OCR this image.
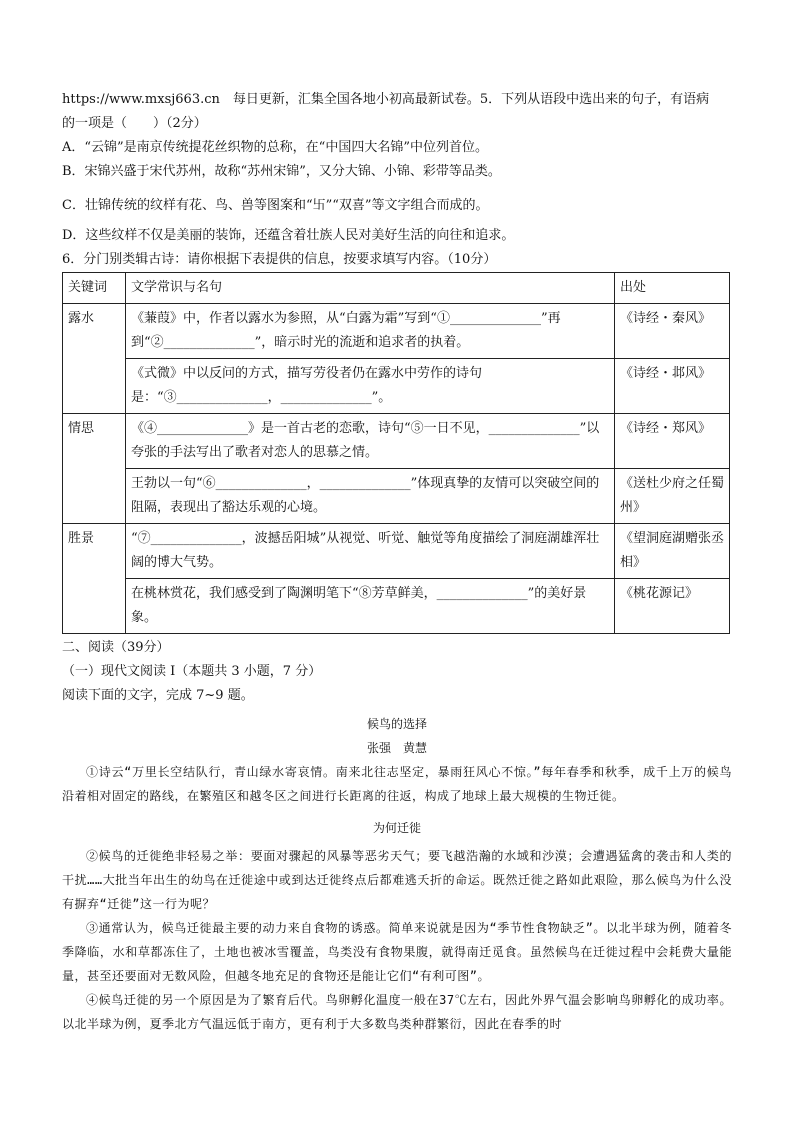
https://www.mxsj663.cn　每日更新，汇集全国各地小初高最新试卷。5．下列从语段中选出来的句子，有语病

的一项是（　　）（2分）

A．“云锦”是南京传统提花丝织物的总称，在“中国四大名锦”中位列首位。

B．宋锦兴盛于宋代苏州，故称“苏州宋锦”，又分大锦、小锦、彩带等品类。

C．壮锦传统的纹样有花、鸟、兽等图案和“卐”“双喜”等文字组合而成的。

D．这些纹样不仅是美丽的装饰，还蕴含着壮族人民对美好生活的向往和追求。

6．分门别类辑古诗：请你根据下表提供的信息，按要求填写内容。（10分）

关键词	文学常识与名句	出处
露水	《蒹葭》中，作者以露水为参照，从“白露为霜”写到“①______________”再到“②______________”，暗示时光的流逝和追求者的执着。	《诗经・秦风》
	《式微》中以反问的方式，描写劳役者仍在露水中劳作的诗句是：“③______________，______________”。	《诗经・邶风》
情思	《④______________》是一首古老的恋歌，诗句“⑤一日不见，______________”以夸张的手法写出了歌者对恋人的思慕之情。	《诗经・郑风》
	王勃以一句“⑥______________，______________”体现真挚的友情可以突破空间的阻隔，表现出了豁达乐观的心境。	《送杜少府之任蜀州》
胜景	“⑦______________，波撼岳阳城”从视觉、听觉、触觉等角度描绘了洞庭湖雄浑壮阔的博大气势。	《望洞庭湖赠张丞相》
	在桃林赏花，我们感受到了陶渊明笔下“⑧芳草鲜美，______________”的美好景象。	《桃花源记》

二、阅读（39分）

（一）现代文阅读 I（本题共 3 小题，7 分）

阅读下面的文字，完成 7~9 题。

候鸟的选择

张强　黄慧

①诗云“万里长空结队行，青山绿水寄哀情。南来北往志坚定，暴雨狂风心不惊。”每年春季和秋季，成千上万的候鸟沿着相对固定的路线，在繁殖区和越冬区之间进行长距离的往返，构成了地球上最大规模的生物迁徙。

为何迁徙

②候鸟的迁徙绝非轻易之举：要面对骤起的风暴等恶劣天气；要飞越浩瀚的水域和沙漠；会遭遇猛禽的袭击和人类的干扰……大批当年出生的幼鸟在迁徙途中或到达迁徙终点后都难逃夭折的命运。既然迁徙之路如此艰险，那么候鸟为什么没有摒弃“迁徙”这一行为呢？

③通常认为，候鸟迁徙最主要的动力来自食物的诱惑。简单来说就是因为“季节性食物缺乏”。以北半球为例，随着冬季降临，水和草都冻住了，土地也被冰雪覆盖，鸟类没有食物果腹，就得南迁觅食。虽然候鸟在迁徙过程中会耗费大量能量，甚至还要面对无数风险，但越冬地充足的食物还是能让它们“有利可图”。

④候鸟迁徙的另一个原因是为了繁育后代。鸟卵孵化温度一般在37℃左右，因此外界气温会影响鸟卵孵化的成功率。以北半球为例，夏季北方气温远低于南方，更有利于大多数鸟类种群繁衍，因此在春季的时
